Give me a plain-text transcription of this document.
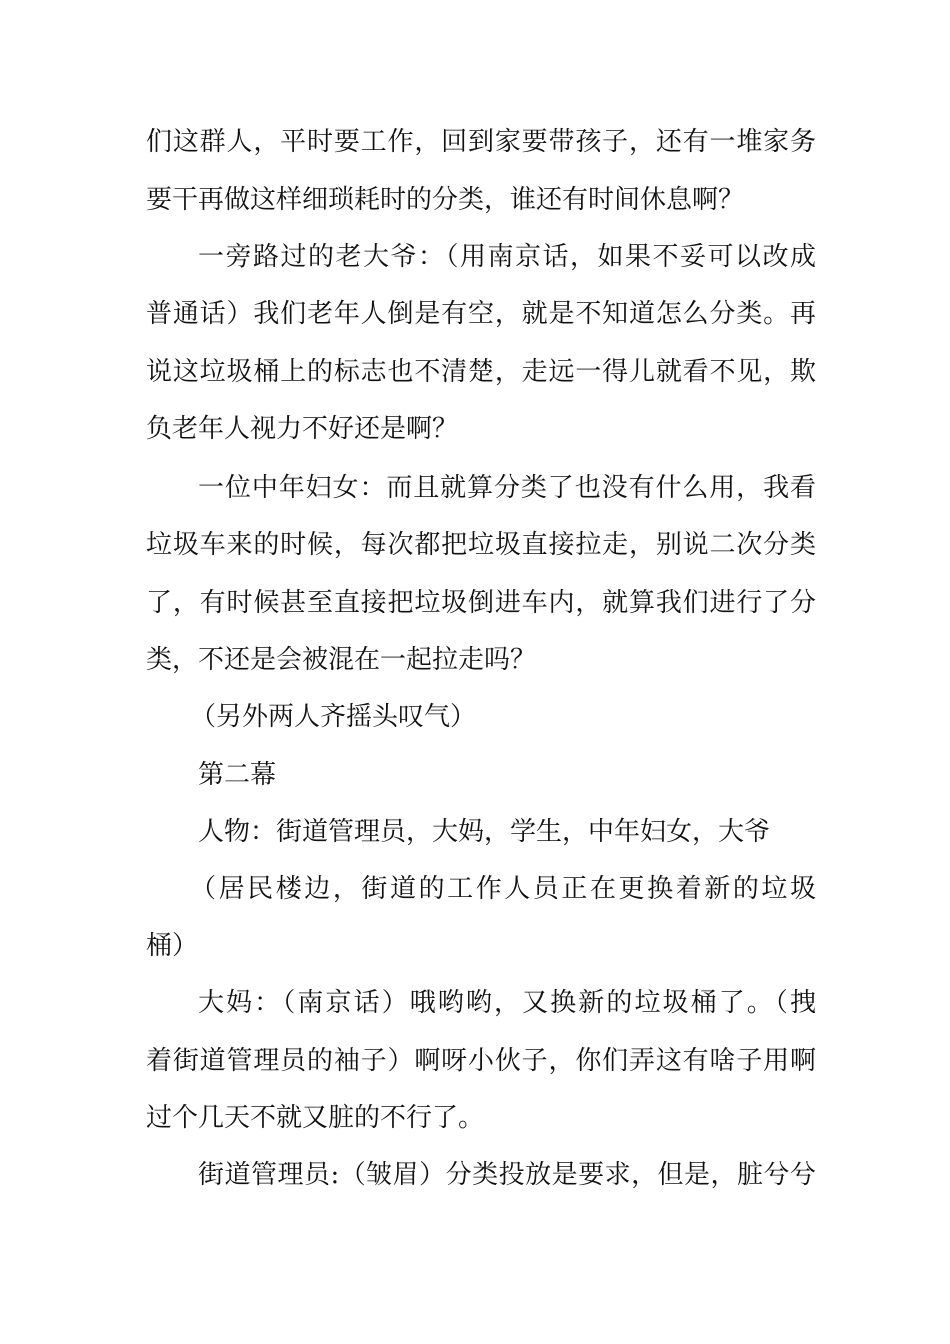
们这群人，平时要工作，回到家要带孩子，还有一堆家务
要干再做这样细琐耗时的分类，谁还有时间休息啊？
一旁路过的老大爷：（用南京话，如果不妥可以改成
普通话）我们老年人倒是有空，就是不知道怎么分类。再
说这垃圾桶上的标志也不清楚，走远一得儿就看不见，欺
负老年人视力不好还是啊？
一位中年妇女：而且就算分类了也没有什么用，我看
垃圾车来的时候，每次都把垃圾直接拉走，别说二次分类
了，有时候甚至直接把垃圾倒进车内，就算我们进行了分
类，不还是会被混在一起拉走吗？
（另外两人齐摇头叹气）
第二幕
人物：街道管理员，大妈，学生，中年妇女，大爷
（居民楼边，街道的工作人员正在更换着新的垃圾
桶）
大妈：（南京话）哦哟哟，又换新的垃圾桶了。（拽
着街道管理员的袖子）啊呀小伙子，你们弄这有啥子用啊
过个几天不就又脏的不行了。
街道管理员:（皱眉）分类投放是要求，但是，脏兮兮
